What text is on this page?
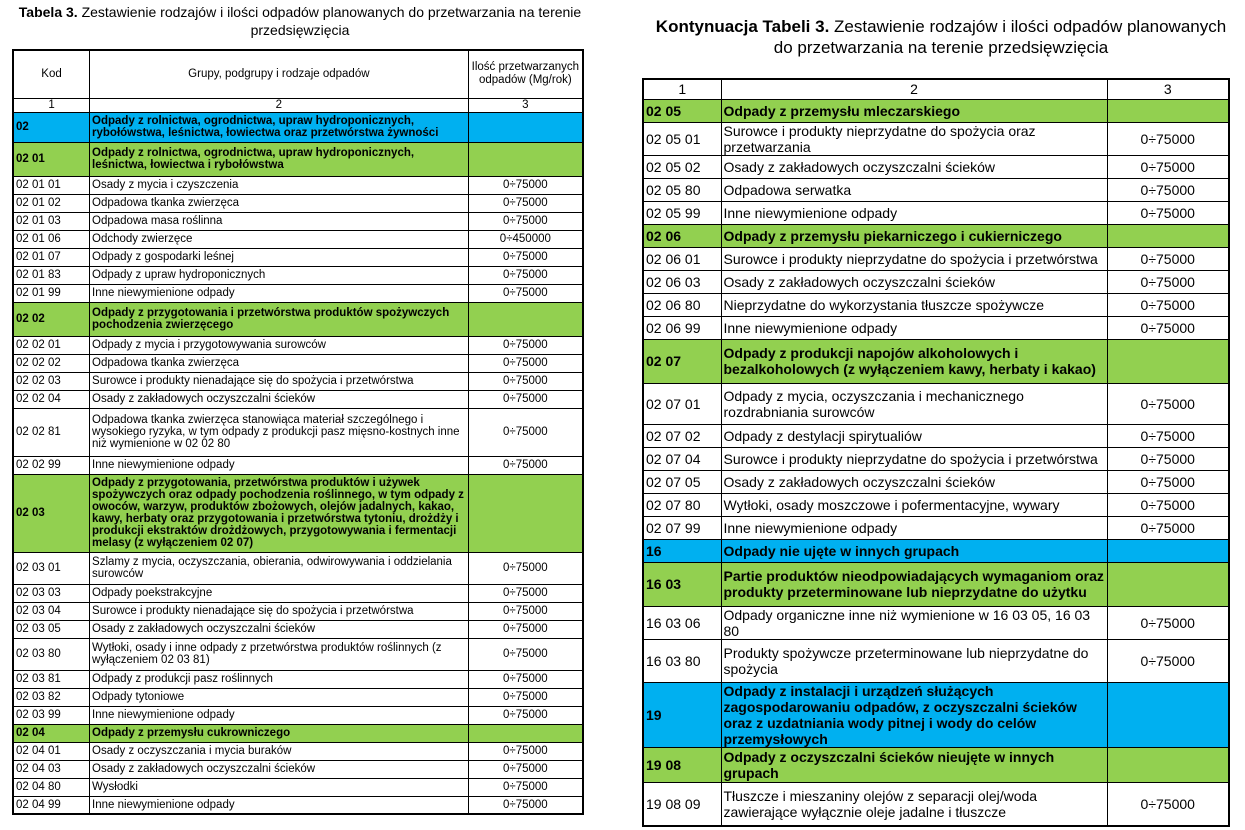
Tabela 3. Zestawienie rodzajów i ilości odpadów planowanych do przetwarzania na terenie przedsięwzięcia	Kontynuacja Tabeli 3. Zestawienie rodzajów i ilości odpadów planowanych do przetwarzania na terenie przedsięwzięcia
Kod	Grupy, podgrupy i rodzaje odpadów	Ilość przetwarzanych odpadów (Mg/rok)
1	2	3
02	Odpady z rolnictwa, ogrodnictwa, upraw hydroponicznych, rybołówstwa, leśnictwa, łowiectwa oraz przetwórstwa żywności	
02 01	Odpady z rolnictwa, ogrodnictwa, upraw hydroponicznych, leśnictwa, łowiectwa i rybołówstwa	
02 01 01	Osady z mycia i czyszczenia	0÷75000
02 01 02	Odpadowa tkanka zwierzęca	0÷75000
02 01 03	Odpadowa masa roślinna	0÷75000
02 01 06	Odchody zwierzęce	0÷450000
02 01 07	Odpady z gospodarki leśnej	0÷75000
02 01 83	Odpady z upraw hydroponicznych	0÷75000
02 01 99	Inne niewymienione odpady	0÷75000
02 02	Odpady z przygotowania i przetwórstwa produktów spożywczych pochodzenia zwierzęcego	
02 02 01	Odpady z mycia i przygotowywania surowców	0÷75000
02 02 02	Odpadowa tkanka zwierzęca	0÷75000
02 02 03	Surowce i produkty nienadające się do spożycia i przetwórstwa	0÷75000
02 02 04	Osady z zakładowych oczyszczalni ścieków	0÷75000
02 02 81	Odpadowa tkanka zwierzęca stanowiąca materiał szczególnego i wysokiego ryzyka, w tym odpady z produkcji pasz mięsno-kostnych inne niż wymienione w 02 02 80	0÷75000
02 02 99	Inne niewymienione odpady	0÷75000
02 03	Odpady z przygotowania, przetwórstwa produktów i używek spożywczych oraz odpady pochodzenia roślinnego, w tym odpady z owoców, warzyw, produktów zbożowych, olejów jadalnych, kakao, kawy, herbaty oraz przygotowania i przetwórstwa tytoniu, drożdży i produkcji ekstraktów drożdżowych, przygotowywania i fermentacji melasy (z wyłączeniem 02 07)	
02 03 01	Szlamy z mycia, oczyszczania, obierania, odwirowywania i oddzielania surowców	0÷75000
02 03 03	Odpady poekstrakcyjne	0÷75000
02 03 04	Surowce i produkty nienadające się do spożycia i przetwórstwa	0÷75000
02 03 05	Osady z zakładowych oczyszczalni ścieków	0÷75000
02 03 80	Wytłoki, osady i inne odpady z przetwórstwa produktów roślinnych (z wyłączeniem 02 03 81)	0÷75000
02 03 81	Odpady z produkcji pasz roślinnych	0÷75000
02 03 82	Odpady tytoniowe	0÷75000
02 03 99	Inne niewymienione odpady	0÷75000
02 04	Odpady z przemysłu cukrowniczego	
02 04 01	Osady z oczyszczania i mycia buraków	0÷75000
02 04 03	Osady z zakładowych oczyszczalni ścieków	0÷75000
02 04 80	Wysłodki	0÷75000
02 04 99	Inne niewymienione odpady	0÷75000
1	2	3
02 05	Odpady z przemysłu mleczarskiego	
02 05 01	Surowce i produkty nieprzydatne do spożycia oraz przetwarzania	0÷75000
02 05 02	Osady z zakładowych oczyszczalni ścieków	0÷75000
02 05 80	Odpadowa serwatka	0÷75000
02 05 99	Inne niewymienione odpady	0÷75000
02 06	Odpady z przemysłu piekarniczego i cukierniczego	
02 06 01	Surowce i produkty nieprzydatne do spożycia i przetwórstwa	0÷75000
02 06 03	Osady z zakładowych oczyszczalni ścieków	0÷75000
02 06 80	Nieprzydatne do wykorzystania tłuszcze spożywcze	0÷75000
02 06 99	Inne niewymienione odpady	0÷75000
02 07	Odpady z produkcji napojów alkoholowych i bezalkoholowych (z wyłączeniem kawy, herbaty i kakao)	
02 07 01	Odpady z mycia, oczyszczania i mechanicznego rozdrabniania surowców	0÷75000
02 07 02	Odpady z destylacji spirytualiów	0÷75000
02 07 04	Surowce i produkty nieprzydatne do spożycia i przetwórstwa	0÷75000
02 07 05	Osady z zakładowych oczyszczalni ścieków	0÷75000
02 07 80	Wytłoki, osady moszczowe i pofermentacyjne, wywary	0÷75000
02 07 99	Inne niewymienione odpady	0÷75000
16	Odpady nie ujęte w innych grupach	
16 03	Partie produktów nieodpowiadających wymaganiom oraz produkty przeterminowane lub nieprzydatne do użytku	
16 03 06	Odpady organiczne inne niż wymienione w 16 03 05, 16 03 80	0÷75000
16 03 80	Produkty spożywcze przeterminowane lub nieprzydatne do spożycia	0÷75000
19	Odpady z instalacji i urządzeń służących zagospodarowaniu odpadów, z oczyszczalni ścieków oraz z uzdatniania wody pitnej i wody do celów przemysłowych	
19 08	Odpady z oczyszczalni ścieków nieujęte w innych grupach	
19 08 09	Tłuszcze i mieszaniny olejów z separacji olej/woda zawierające wyłącznie oleje jadalne i tłuszcze	0÷75000
